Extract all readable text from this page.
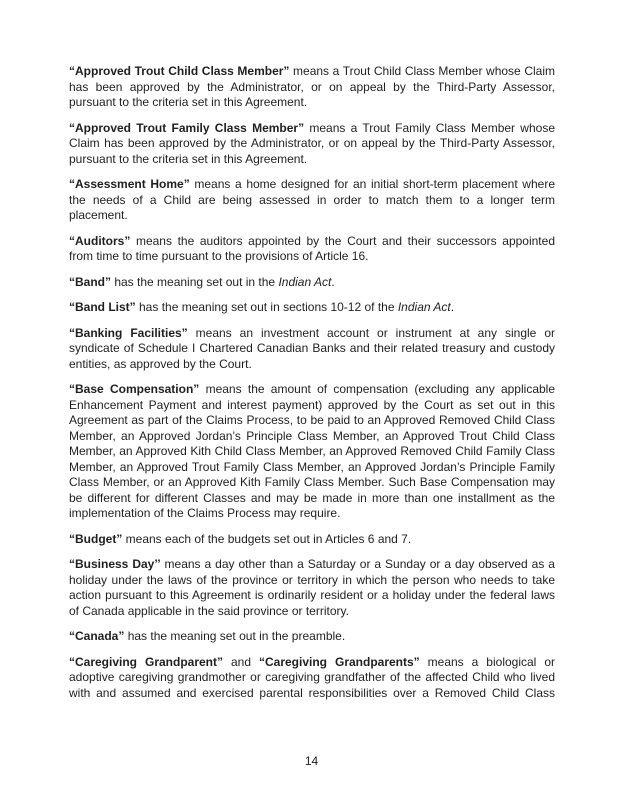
“Approved Trout Child Class Member” means a Trout Child Class Member whose Claim has been approved by the Administrator, or on appeal by the Third-Party Assessor, pursuant to the criteria set in this Agreement.

“Approved Trout Family Class Member” means a Trout Family Class Member whose Claim has been approved by the Administrator, or on appeal by the Third-Party Assessor, pursuant to the criteria set in this Agreement.

“Assessment Home” means a home designed for an initial short-term placement where the needs of a Child are being assessed in order to match them to a longer term placement.

“Auditors” means the auditors appointed by the Court and their successors appointed from time to time pursuant to the provisions of Article 16.

“Band” has the meaning set out in the Indian Act.

“Band List” has the meaning set out in sections 10-12 of the Indian Act.

“Banking Facilities” means an investment account or instrument at any single or syndicate of Schedule I Chartered Canadian Banks and their related treasury and custody entities, as approved by the Court.

“Base Compensation” means the amount of compensation (excluding any applicable Enhancement Payment and interest payment) approved by the Court as set out in this Agreement as part of the Claims Process, to be paid to an Approved Removed Child Class Member, an Approved Jordan’s Principle Class Member, an Approved Trout Child Class Member, an Approved Kith Child Class Member, an Approved Removed Child Family Class Member, an Approved Trout Family Class Member, an Approved Jordan’s Principle Family Class Member, or an Approved Kith Family Class Member. Such Base Compensation may be different for different Classes and may be made in more than one installment as the implementation of the Claims Process may require.

“Budget” means each of the budgets set out in Articles 6 and 7.

“Business Day’’ means a day other than a Saturday or a Sunday or a day observed as a holiday under the laws of the province or territory in which the person who needs to take action pursuant to this Agreement is ordinarily resident or a holiday under the federal laws of Canada applicable in the said province or territory.

“Canada” has the meaning set out in the preamble.

“Caregiving Grandparent” and “Caregiving Grandparents” means a biological or adoptive caregiving grandmother or caregiving grandfather of the affected Child who lived with and assumed and exercised parental responsibilities over a Removed Child Class

14
